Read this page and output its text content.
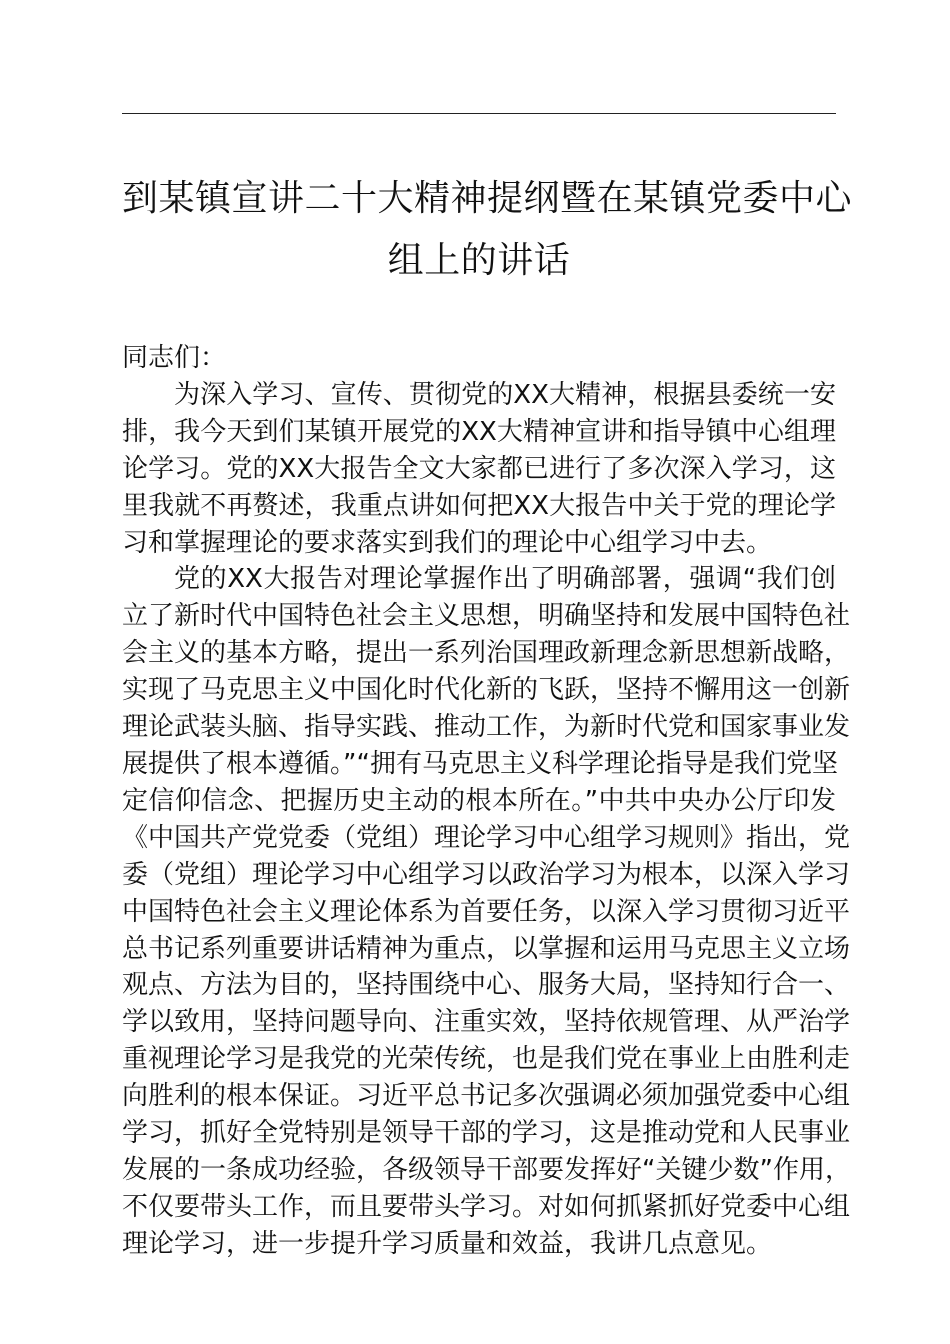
到某镇宣讲二十大精神提纲暨在某镇党委中心
组上的讲话
同志们：
为深入学习、宣传、贯彻党的XX大精神，根据县委统一安
排，我今天到们某镇开展党的XX大精神宣讲和指导镇中心组理
论学习。党的XX大报告全文大家都已进行了多次深入学习，这
里我就不再赘述，我重点讲如何把XX大报告中关于党的理论学
习和掌握理论的要求落实到我们的理论中心组学习中去。
党的XX大报告对理论掌握作出了明确部署，强调“我们创
立了新时代中国特色社会主义思想，明确坚持和发展中国特色社
会主义的基本方略，提出一系列治国理政新理念新思想新战略，
实现了马克思主义中国化时代化新的飞跃，坚持不懈用这一创新
理论武装头脑、指导实践、推动工作，为新时代党和国家事业发
展提供了根本遵循。”“拥有马克思主义科学理论指导是我们党坚
定信仰信念、把握历史主动的根本所在。”中共中央办公厅印发
《中国共产党党委（党组）理论学习中心组学习规则》指出，党
委（党组）理论学习中心组学习以政治学习为根本，以深入学习
中国特色社会主义理论体系为首要任务，以深入学习贯彻习近平
总书记系列重要讲话精神为重点，以掌握和运用马克思主义立场
观点、方法为目的，坚持围绕中心、服务大局，坚持知行合一、
学以致用，坚持问题导向、注重实效，坚持依规管理、从严治学
重视理论学习是我党的光荣传统，也是我们党在事业上由胜利走
向胜利的根本保证。习近平总书记多次强调必须加强党委中心组
学习，抓好全党特别是领导干部的学习，这是推动党和人民事业
发展的一条成功经验，各级领导干部要发挥好“关键少数”作用，
不仅要带头工作，而且要带头学习。对如何抓紧抓好党委中心组
理论学习，进一步提升学习质量和效益，我讲几点意见。
